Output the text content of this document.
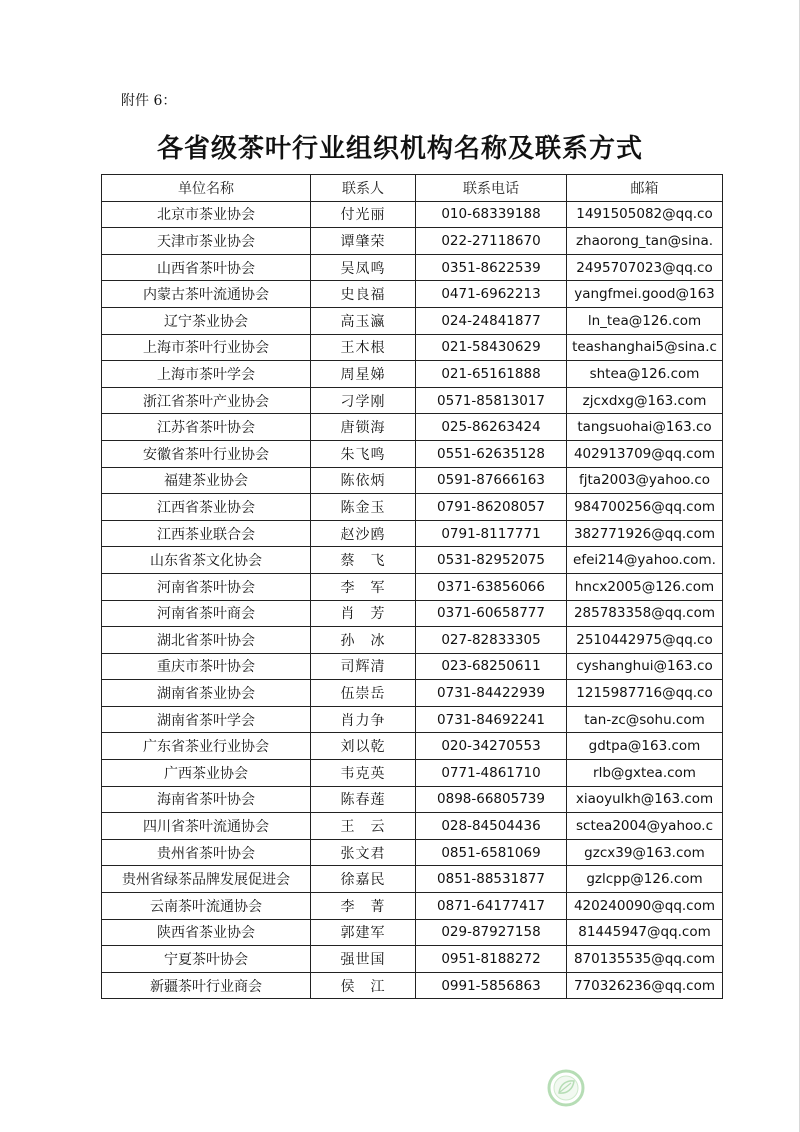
附件 6：
各省级茶叶行业组织机构名称及联系方式
单位名称	联系人	联系电话	邮箱
北京市茶业协会	付光丽	010-68339188	1491505082@qq.co
天津市茶业协会	谭肇荣	022-27118670	zhaorong_tan@sina.
山西省茶叶协会	吴凤鸣	0351-8622539	2495707023@qq.co
内蒙古茶叶流通协会	史良福	0471-6962213	yangfmei.good@163
辽宁茶业协会	高玉瀛	024-24841877	ln_tea@126.com
上海市茶叶行业协会	王木根	021-58430629	teashanghai5@sina.c
上海市茶叶学会	周星娣	021-65161888	shtea@126.com
浙江省茶叶产业协会	刁学刚	0571-85813017	zjcxdxg@163.com
江苏省茶叶协会	唐锁海	025-86263424	tangsuohai@163.co
安徽省茶叶行业协会	朱飞鸣	0551-62635128	402913709@qq.com
福建茶业协会	陈依炳	0591-87666163	fjta2003@yahoo.co
江西省茶业协会	陈金玉	0791-86208057	984700256@qq.com
江西茶业联合会	赵沙鸥	0791-8117771	382771926@qq.com
山东省茶文化协会	蔡　飞	0531-82952075	efei214@yahoo.com.
河南省茶叶协会	李　军	0371-63856066	hncx2005@126.com
河南省茶叶商会	肖　芳	0371-60658777	285783358@qq.com
湖北省茶叶协会	孙　冰	027-82833305	2510442975@qq.co
重庆市茶叶协会	司辉清	023-68250611	cyshanghui@163.co
湖南省茶业协会	伍崇岳	0731-84422939	1215987716@qq.co
湖南省茶叶学会	肖力争	0731-84692241	tan-zc@sohu.com
广东省茶业行业协会	刘以乾	020-34270553	gdtpa@163.com
广西茶业协会	韦克英	0771-4861710	rlb@gxtea.com
海南省茶叶协会	陈春莲	0898-66805739	xiaoyulkh@163.com
四川省茶叶流通协会	王　云	028-84504436	sctea2004@yahoo.c
贵州省茶叶协会	张文君	0851-6581069	gzcx39@163.com
贵州省绿茶品牌发展促进会	徐嘉民	0851-88531877	gzlcpp@126.com
云南茶叶流通协会	李　菁	0871-64177417	420240090@qq.com
陕西省茶业协会	郭建军	029-87927158	81445947@qq.com
宁夏茶叶协会	强世国	0951-8188272	870135535@qq.com
新疆茶叶行业商会	侯　江	0991-5856863	770326236@qq.com
